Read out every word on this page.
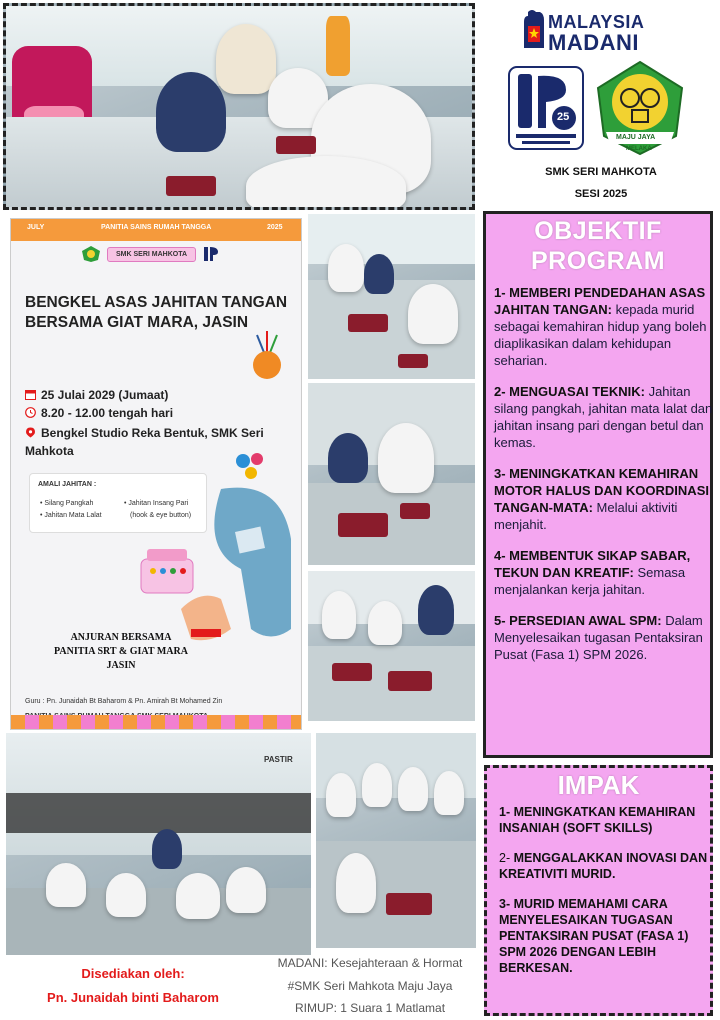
MALAYSIA
MADANI
25
MAJU JAYA
MELAKA
SMK SERI MAHKOTA
SESI 2025
JULY	PANITIA SAINS RUMAH TANGGA	2025
SMK SERI MAHKOTA
BENGKEL ASAS JAHITAN TANGAN BERSAMA GIAT MARA, JASIN
25 Julai 2029 (Jumaat)
8.20 - 12.00 tengah hari
Bengkel Studio Reka Bentuk, SMK Seri Mahkota
AMALI JAHITAN :
• Silang Pangkah
• Jahitan Mata Lalat
• Jahitan Insang Pari
(hook & eye button)
ANJURAN BERSAMA
PANITIA SRT & GIAT MARA
JASIN
Guru : Pn. Junaidah Bt Baharom & Pn. Amirah Bt Mohamed Zin
PASTIR
OBJEKTIF
PROGRAM
1- MEMBERI PENDEDAHAN ASAS JAHITAN TANGAN: kepada murid sebagai kemahiran hidup yang boleh diaplikasikan dalam kehidupan seharian.
2- MENGUASAI TEKNIK: Jahitan silang pangkah, jahitan mata lalat dan jahitan insang pari dengan betul dan kemas.
3- MENINGKATKAN KEMAHIRAN MOTOR HALUS DAN KOORDINASI TANGAN-MATA: Melalui aktiviti menjahit.
4- MEMBENTUK SIKAP SABAR, TEKUN DAN KREATIF: Semasa menjalankan kerja jahitan.
5- PERSEDIAN AWAL SPM: Dalam Menyelesaikan tugasan Pentaksiran Pusat (Fasa 1) SPM 2026.
IMPAK
1- MENINGKATKAN KEMAHIRAN INSANIAH (SOFT SKILLS)
2- MENGGALAKKAN INOVASI DAN KREATIVITI MURID.
3- MURID MEMAHAMI CARA MENYELESAIKAN TUGASAN PENTAKSIRAN PUSAT (FASA 1) SPM 2026 DENGAN LEBIH BERKESAN.
Disediakan oleh:
Pn. Junaidah binti Baharom
MADANI: Kesejahteraan & Hormat
#SMK Seri Mahkota Maju Jaya
RIMUP: 1 Suara 1 Matlamat
